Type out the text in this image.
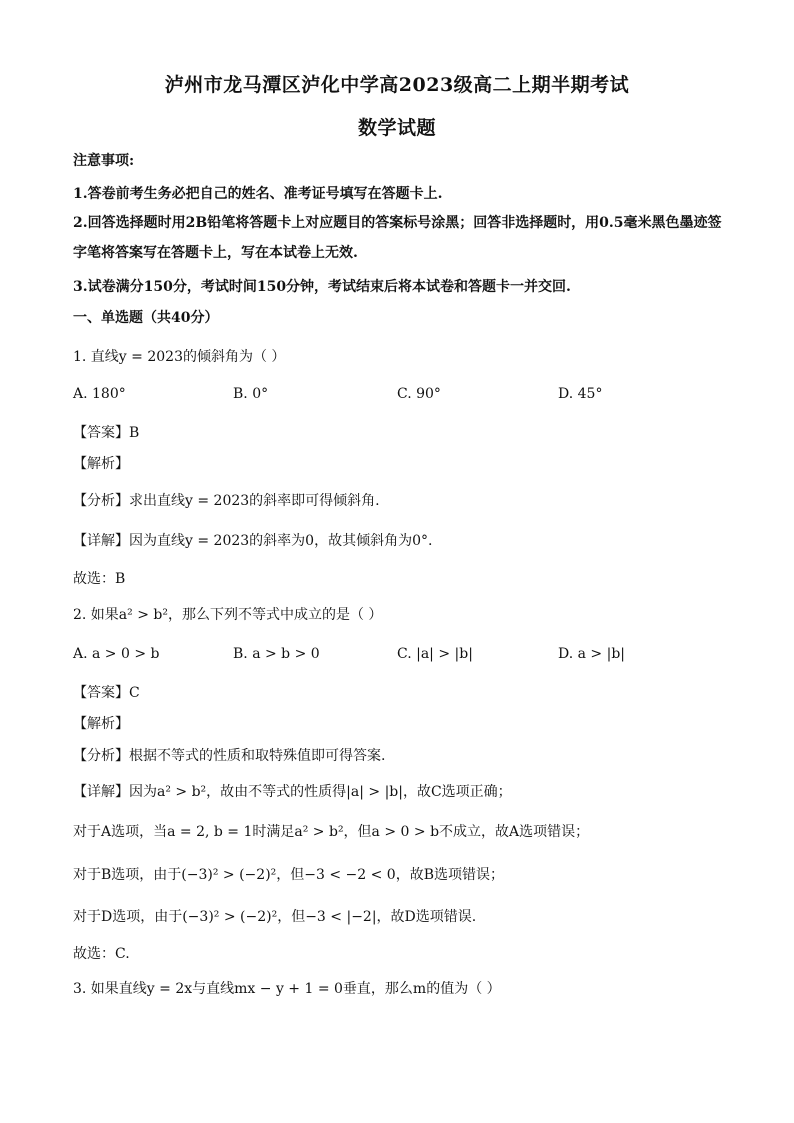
泸州市龙马潭区泸化中学高2023级高二上期半期考试
数学试题
注意事项:
1.答卷前考生务必把自己的姓名、准考证号填写在答题卡上.
2.回答选择题时用2B铅笔将答题卡上对应题目的答案标号涂黑；回答非选择题时，用0.5毫米黑色墨迹签字笔将答案写在答题卡上，写在本试卷上无效.
3.试卷满分150分，考试时间150分钟，考试结束后将本试卷和答题卡一并交回.
一、单选题（共40分）
1. 直线y = 2023的倾斜角为（ ）
A. 180°	B. 0°	C. 90°	D. 45°
【答案】B
【解析】
【分析】求出直线y = 2023的斜率即可得倾斜角.
【详解】因为直线y = 2023的斜率为0，故其倾斜角为0°.
故选：B
2. 如果a² > b²，那么下列不等式中成立的是（ ）
A. a > 0 > b	B. a > b > 0	C. |a| > |b|	D. a > |b|
【答案】C
【解析】
【分析】根据不等式的性质和取特殊值即可得答案.
【详解】因为a² > b²，故由不等式的性质得|a| > |b|，故C选项正确；
对于A选项，当a = 2, b = 1时满足a² > b²，但a > 0 > b不成立，故A选项错误；
对于B选项，由于(−3)² > (−2)²，但−3 < −2 < 0，故B选项错误；
对于D选项，由于(−3)² > (−2)²，但−3 < |−2|，故D选项错误.
故选：C.
3. 如果直线y = 2x与直线mx − y + 1 = 0垂直，那么m的值为（ ）
